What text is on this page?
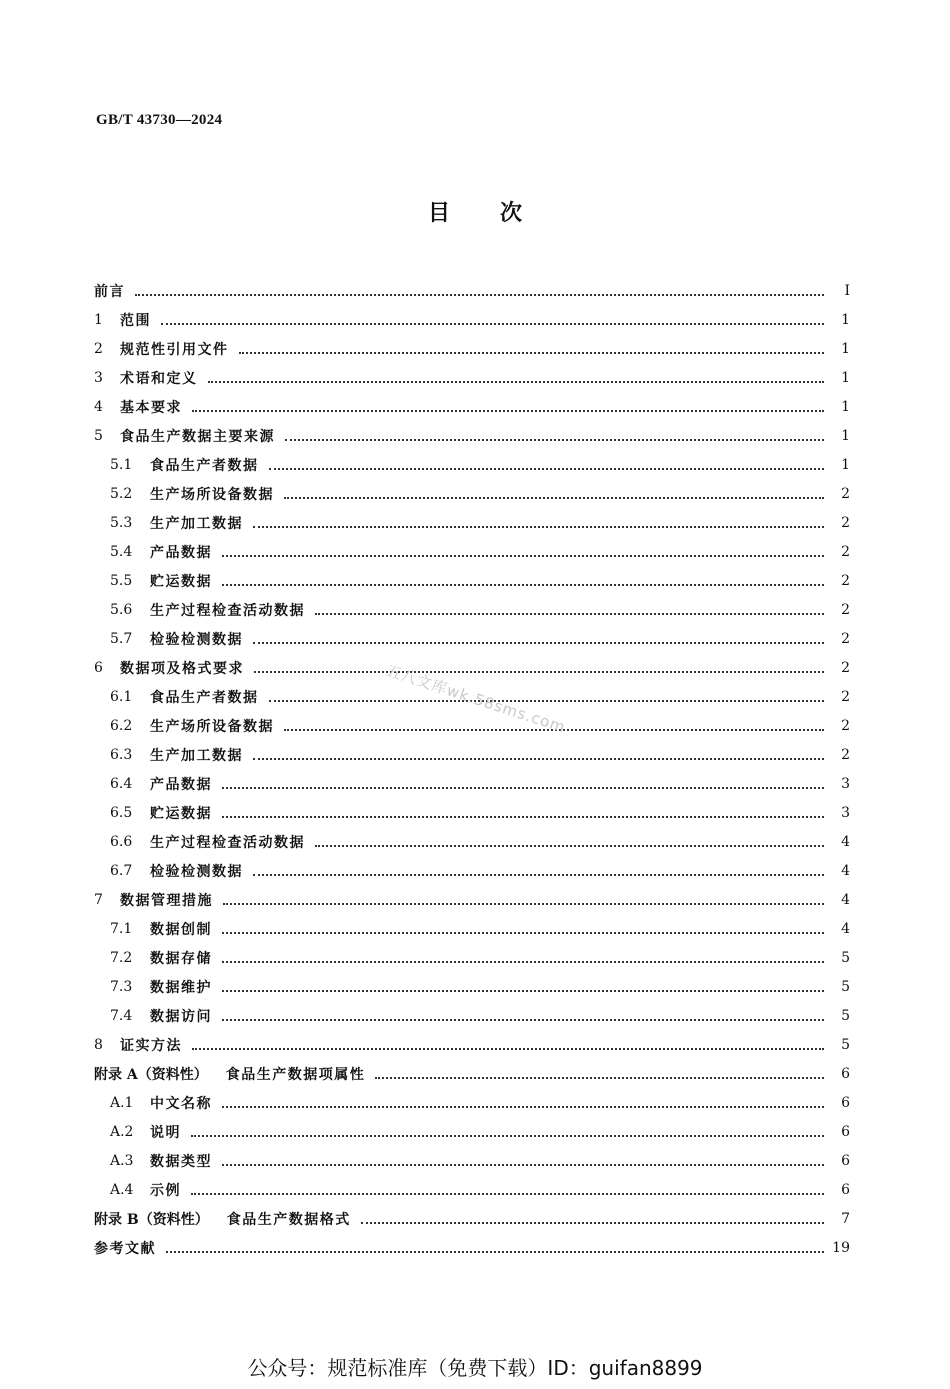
GB/T 43730—2024
目次
前言	I
1	范围	1
2	规范性引用文件	1
3	术语和定义	1
4	基本要求	1
5	食品生产数据主要来源	1
5.1	食品生产者数据	1
5.2	生产场所设备数据	2
5.3	生产加工数据	2
5.4	产品数据	2
5.5	贮运数据	2
5.6	生产过程检查活动数据	2
5.7	检验检测数据	2
6	数据项及格式要求	2
6.1	食品生产者数据	2
6.2	生产场所设备数据	2
6.3	生产加工数据	2
6.4	产品数据	3
6.5	贮运数据	3
6.6	生产过程检查活动数据	4
6.7	检验检测数据	4
7	数据管理措施	4
7.1	数据创制	4
7.2	数据存储	5
7.3	数据维护	5
7.4	数据访问	5
8	证实方法	5
附录 A（资料性） 食品生产数据项属性	6
A.1	中文名称	6
A.2	说明	6
A.3	数据类型	6
A.4	示例	6
附录 B（资料性） 食品生产数据格式	7
参考文献	19
五八文库wk.58sms.com
公众号：规范标准库（免费下载）ID：guifan8899
